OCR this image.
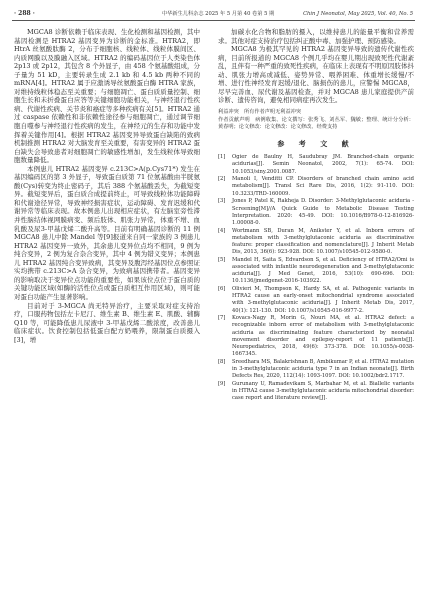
· 288 ·	中华新生儿科杂志 2025 年 5 月第 40 卷第 5 期	Chin J Neonatol, May 2025, Vol. 40, No. 5

MGCA8 诊断依赖于临床表现、生化检测和基因检测，其中基因检测是 HTRA2 基因变异为诊断的金标准。HTRA2，即 HtrA 丝氨酸肽酶 2，分布于细胞核、线粒体、线粒体膜间区、内质网膜以及膜融入区域。HTRA2 的编码基因位于人类染色体 2p13 或 2p12，其包含 8 个外显子，由 458 个氨基酸组成，分子量为 51 kD，主要转录生成 2.1 kb 和 4.5 kb 两种不同的 mRNA[4]。HTRA2 属于应激诱导丝氨酸蛋白酶 HTRA 家族，对维持线粒体稳态至关重要；与细胞凋亡、蛋白质质量控制、细胞生长和未折叠蛋白应答等关键细胞功能相关，与神经退行性疾病、代谢性疾病、关节炎和癌症等多种疾病有关[5]。HTRA2 通过 caspase 依赖性和非依赖性途径参与细胞凋亡，通过调节细胞自噬参与神经退行性疾病的发生，在神经元的生存和功能中发挥着关键作用[4]。根据 HTRA2 基因变异导致蛋白缺陷的致病机制推测 HTRA2 对大脑发育至关重要，有害变异的 HTRA2 蛋白缺失会导致患者对细胞凋亡的敏感性增加，发生线粒体导致细胞数量降低。

本例患儿 HTRA2 基因变异 c.213C>A(p.Cys71*) 发生在基因编码区的第 3 外显子，导致蛋白质第 71 位氨基酸由半胱氨酸(Cys)转变为终止密码子，其后 388 个氨基酸丢失，为截短变异。截短变异后，蛋白质合成提前终止，可导致线粒体功能障碍和代谢途径异常，导致神经损害症状，运动障碍、发育迟缓和代谢异常等临床表现。故本例患儿出现相应症状，有左脑室旁性滞并性脑结体视网膜病变、频后肢体、肌张力异常，体重不增、血乳酸及尿3-甲基戊烯二酸升高等。目前有明确基因诊断的 11 例 MGCA8 患儿中除 Mandel 等[9]报道来自同一家族的 3 例患儿 HTRA2 基因变异一致外，其余患儿变异位点均不相同，9 例为纯合变异，2 例为复合杂合变异，其中 4 例为错义变异；本例患儿 HTRA2 基因纯合变异致病，其变异及腹泻经基因位点参照证实均携带 c.213C>A 杂合变异，为致病基因携带者。基因变异的影响取决于变异位点功能的重要性，如果该位点位于蛋白质的关键功能区域(如酶的活性位点或蛋白质相互作用区域)，则可能对蛋白功能产生显著影响。

目前对于 3-MGCA 尚无特异治疗，主要采取对症支持治疗，口服药物包括左卡尼汀、维生素 B、维生素 E、肌酸、辅酶 Q10 等，可能降低患儿尿液中 3-甲基戊烯二酸浓度，改善患儿临床症状。饮食控制包括低蛋白配方奶喂养，限制蛋白质摄入[3]，增

加碳水化合物和脂肪的摄入，以维持患儿的能量平衡和营养需求。其他对症支持治疗包括纠正酸中毒、加强护理、预防感染。

MGCA8 为极其罕见的 HTRA2 基因变异导致的遗传代谢性疾病，目前所报道的 MGCA8 个例几乎均在婴儿期出现致死性代谢紊乱，且伴有一种严重的致死性疾病，在临床上表现有不明原因肢体抖动、肌张力增高或减低、姿势异常、喂养困难、体重增长缓慢/不增、进行性神经发育迟缓/退化、脑损伤的患儿，应警惕 MGCA8，尽早完善血、尿代谢及基因检查，并对 MGCA8 患儿家庭提供产前诊断、遗传咨询，避免相同病症再次发生。

利益冲突　所有作者声明无利益冲突
作者贡献声明　病例收集、论文撰写：张秀飞、刘丛军、魏敏；整理、统计分分析：黄春明；论文修改：论文修改：论文修改、经费支持
参 考 文 献
[1] Ogier de Baulny H, Saudubray JM. Branched-chain organic acidurias[J]. Semin Neonatol, 2002, 7(1): 65-74. DOI: 10.1053/siny.2001.0087.
[2] Manoli I, Venditti CP. Disorders of branched chain amino acid metabolism[J]. Transl Sci Rare Dis, 2016, 1(2): 91-110. DOI: 10.3233/TRD-160009.
[3] Jones P, Patel K, Rakheja D. Disorder: 3-Methylglutaconic aciduria - Screening[M]//A Quick Guide to Metabolic Disease Testing Interpretation. 2020: 45-49. DOI: 10.1016/B978-0-12-816926-1.00008-0.
[4] Wortmann SB, Duran M, Anikster Y, et al. Inborn errors of metabolism with 3-methylglutaconic aciduria as discriminative feature: proper classification and nomenclature[J]. J Inherit Metab Dis, 2013, 36(6): 923-928. DOI: 10.1007/s10545-012-9580-0.
[5] Mandel H, Saita S, Edvardson S, et al. Deficiency of HTRA2/Omi is associated with infantile neurodegeneration and 3-methylglutaconic aciduria[J]. J Med Genet, 2016, 53(10): 690-696. DOI: 10.1136/jmedgenet-2016-103922.
[6] Olivieri M, Thompson K, Hardy SA, et al. Pathogenic variants in HTRA2 cause an early-onset mitochondrial syndrome associated with 3-methylglutaconic aciduria[J]. J Inherit Metab Dis, 2017, 40(1): 121-130. DOI: 10.1007/s10545-016-9977-2.
[7] Kovacs-Nagy R, Morin G, Nouri MA, et al. HTRA2 defect: a recognizable inborn error of metabolism with 3-methylglutaconic aciduria as discriminating feature characterized by neonatal movement disorder and epilepsy-report of 11 patients[J]. Neuropediatrics, 2018, 49(6): 373-378. DOI: 10.1055/s-0038-1667345.
[8] Sreedhara MS, Balakrishnan B, Ambikumar P, et al. HTRA2 mutation in 3-methylglutaconic aciduria type 7 in an Indian neonate[J]. Birth Defects Res, 2020, 112(14): 1093-1097. DOI: 10.1002/bdr2.1717.
[9] Gurunany U, Ramadevikam S, Marbahar M, et al. Biallelic variants in HTRA2 cause 3-methylglutaconic aciduria mitochondrial disorder: case report and literature review[J].
